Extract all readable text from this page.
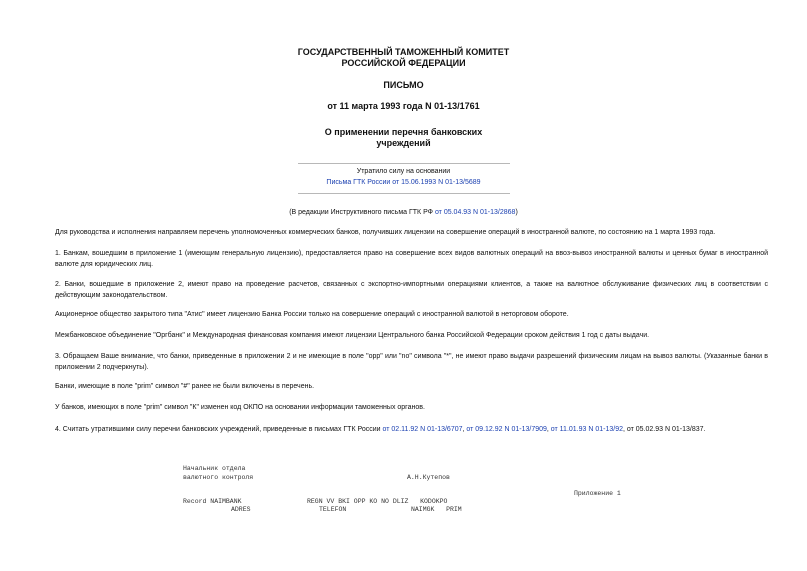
ГОСУДАРСТВЕННЫЙ ТАМОЖЕННЫЙ КОМИТЕТ
РОССИЙСКОЙ ФЕДЕРАЦИИ
ПИСЬМО
от 11 марта 1993 года N 01-13/1761
О применении перечня банковских
учреждений
Утратило силу на основании
Письма ГТК России от 15.06.1993 N 01-13/5689
(В редакции Инструктивного письма ГТК РФ от 05.04.93 N 01-13/2868)
Для руководства и исполнения направляем перечень уполномоченных коммерческих банков, получивших лицензии на совершение операций в иностранной валюте, по состоянию на 1 марта 1993 года.
1. Банкам, вошедшим в приложение 1 (имеющим генеральную лицензию), предоставляется право на совершение всех видов валютных операций на ввоз-вывоз иностранной валюты и ценных бумаг в иностранной валюте для юридических лиц.
2. Банки, вошедшие в приложение 2, имеют право на проведение расчетов, связанных с экспортно-импортными операциями клиентов, а также на валютное обслуживание физических лиц в соответствии с действующим законодательством.
Акционерное общество закрытого типа "Атис" имеет лицензию Банка России только на совершение операций с иностранной валютой в неторговом обороте.
Межбанковское объединение "Оргбанк" и Международная финансовая компания имеют лицензии Центрального банка Российской Федерации сроком действия 1 год с даты выдачи.
3. Обращаем Ваше внимание, что банки, приведенные в приложении 2 и не имеющие в поле "opp" или "no" символа "*", не имеют право выдачи разрешений физическим лицам на вывоз валюты. (Указанные банки в приложении 2 подчеркнуты).
Банки, имеющие в поле "prim" символ "#" ранее не были включены в перечень.
У банков, имеющих в поле "prim" символ "К" изменен код ОКПО на основании информации таможенных органов.
4. Считать утратившими силу перечни банковских учреждений, приведенные в письмах ГТК России от 02.11.92 N 01-13/6707, от 09.12.92 N 01-13/7909, от 11.01.93 N 01-13/92, от 05.02.93 N 01-13/837.
Начальник отдела
валютного контроля	А.Н.Кутепов
Приложение 1
Record NAIMBANK	REGN VV BKI OPP KO NO DLIZ   KODOKPO
ADRES	TELEFON	NAIMGK   PRIM
